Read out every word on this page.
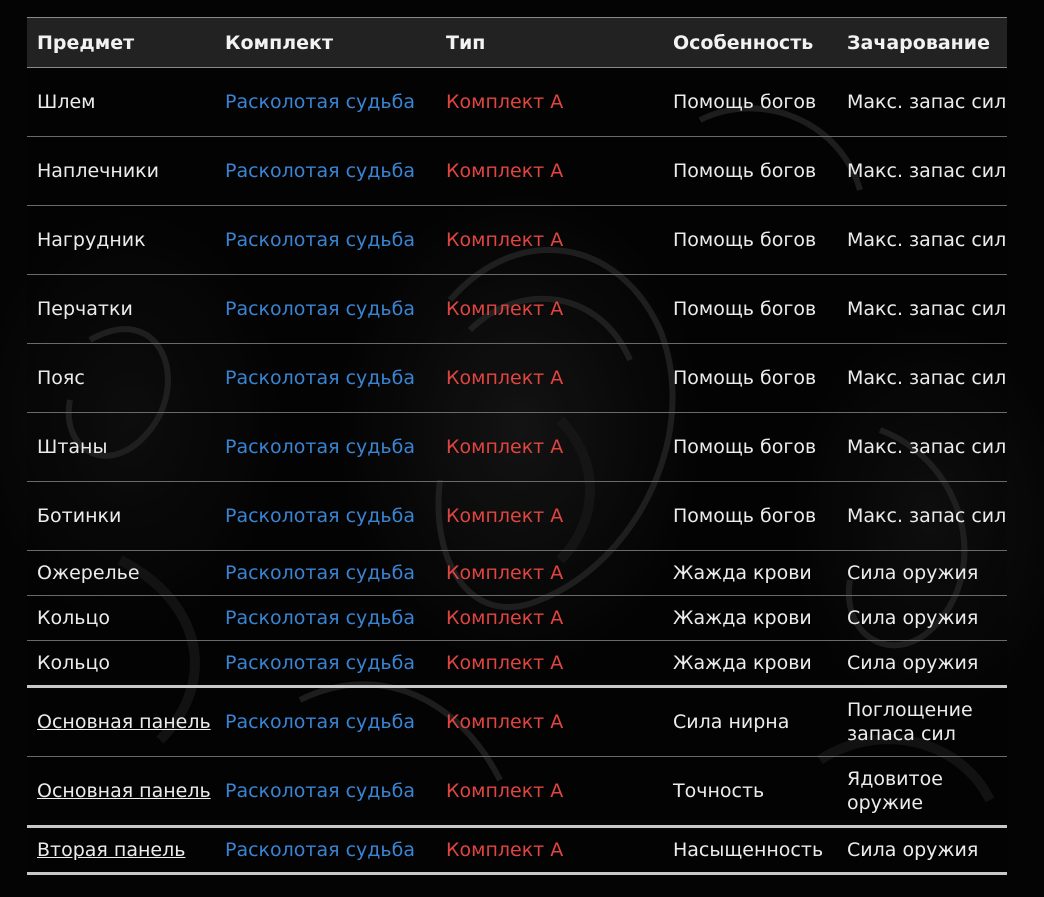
Предмет	Комплект	Тип	Особенность	Зачарование
Шлем	Расколотая судьба	Комплект А	Помощь богов	Макс. запас сил
Наплечники	Расколотая судьба	Комплект А	Помощь богов	Макс. запас сил
Нагрудник	Расколотая судьба	Комплект А	Помощь богов	Макс. запас сил
Перчатки	Расколотая судьба	Комплект А	Помощь богов	Макс. запас сил
Пояс	Расколотая судьба	Комплект А	Помощь богов	Макс. запас сил
Штаны	Расколотая судьба	Комплект А	Помощь богов	Макс. запас сил
Ботинки	Расколотая судьба	Комплект А	Помощь богов	Макс. запас сил
Ожерелье	Расколотая судьба	Комплект А	Жажда крови	Сила оружия
Кольцо	Расколотая судьба	Комплект А	Жажда крови	Сила оружия
Кольцо	Расколотая судьба	Комплект А	Жажда крови	Сила оружия
Основная панель	Расколотая судьба	Комплект А	Сила нирна	Поглощение запаса сил
Основная панель	Расколотая судьба	Комплект А	Точность	Ядовитое оружие
Вторая панель	Расколотая судьба	Комплект А	Насыщенность	Сила оружия
